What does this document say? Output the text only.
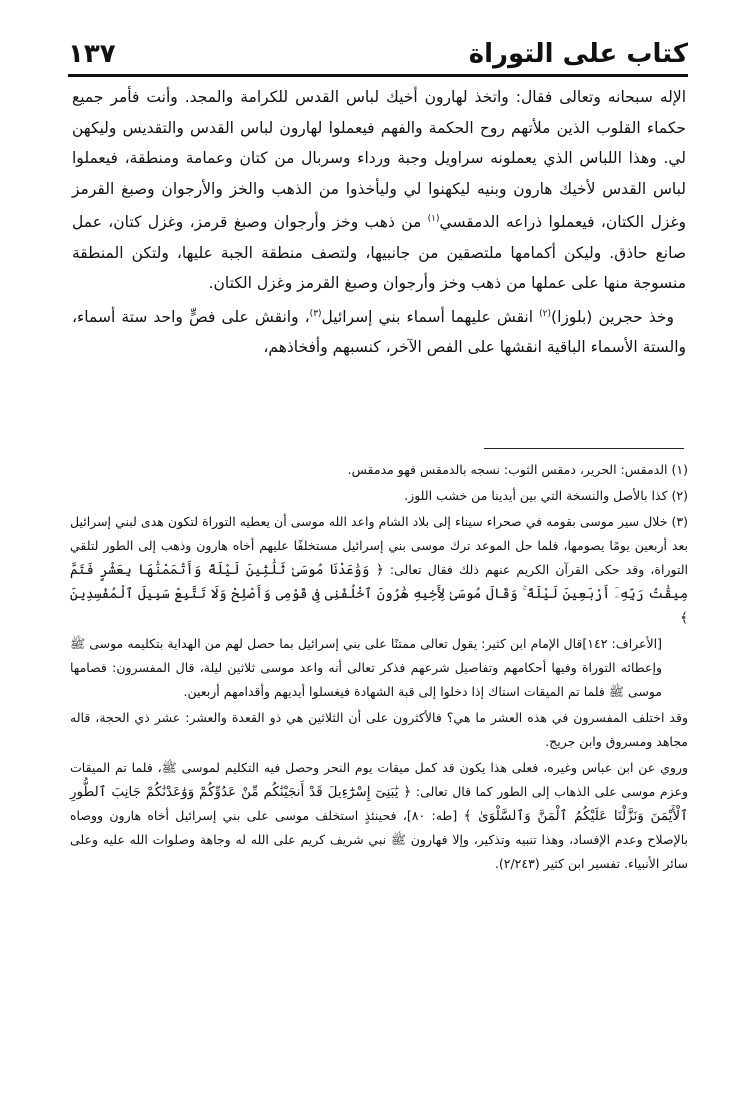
كتاب على التوراة
١٣٧

الإله سبحانه وتعالى فقال: واتخذ لهارون أخيك لباس القدس للكرامة والمجد. وأنت فأمر جميع حكماء القلوب الذين ملأتهم روح الحكمة والفهم فيعملوا لهارون لباس القدس والتقديس وليكهن لي. وهذا اللباس الذي يعملونه سراويل وجبة ورداء وسربال من كتان وعمامة ومنطقة، فيعملوا لباس القدس لأخيك هارون وبنيه ليكهنوا لي وليأخذوا من الذهب والخز والأرجوان وصبغ القرمز وغزل الكتان، فيعملوا ذراعه الدمقسي$^{(١)}$ من ذهب وخز وأرجوان وصبغ قرمز، وغزل كتان، عمل صانع حاذق. وليكن أكمامها ملتصقين من جانبيها، ولتصف منطقة الجبة عليها، ولتكن المنطقة منسوجة منها على عملها من ذهب وخز وأرجوان وصبغ القرمز وغزل الكتان.

وخذ حجرين (بلوزا)$^{(٢)}$ انقش عليهما أسماء بني إسرائيل$^{(٣)}$، وانقش على فصٍّ واحد ستة أسماء، والستة الأسماء الباقية انقشها على الفص الآخر، كنسبهم وأفخاذهم،

(١) الدمقس: الحرير، دمقس الثوب: نسجه بالدمقس فهو مدمقس.

(٢) كذا بالأصل والنسخة التي بين أيدينا من خشب اللوز.

(٣) خلال سير موسى بقومه في صحراء سيناء إلى بلاد الشام واعد الله موسى أن يعطيه التوراة لتكون هدى لبني إسرائيل بعد أربعين يومًا يصومها، فلما حل الموعد ترك موسى بني إسرائيل مستخلفًا عليهم أخاه هارون وذهب إلى الطور لتلقي التوراة، وقد حكى القرآن الكريم عنهم ذلك فقال تعالى: ﴿ وَوَٰعَدْنَا مُوسَىٰ ثَلَٰثِينَ لَيْلَةً وَأَتْمَمْنَٰهَا بِعَشْرٍ فَتَمَّ مِيقَٰتُ رَبِّهِۦٓ أَرْبَعِينَ لَيْلَةً ۚ وَقَالَ مُوسَىٰ لِأَخِيهِ هَٰرُونَ ٱخْلُفْنِى فِى قَوْمِى وَأَصْلِحْ وَلَا تَتَّبِعْ سَبِيلَ ٱلْمُفْسِدِينَ ﴾

[الأعراف: ١٤٢]قال الإمام ابن كثير: يقول تعالى ممتنًا على بني إسرائيل بما حصل لهم من الهداية بتكليمه موسى ﷺ وإعطائه التوراة وفيها أحكامهم وتفاصيل شرعهم فذكر تعالى أنه واعد موسى ثلاثين ليلة، قال المفسرون: فصامها موسى ﷺ فلما تم الميقات استاك إذا دخلوا إلى قبة الشهادة فيغسلوا أيديهم وأقدامهم أربعين.

وقد اختلف المفسرون في هذه العشر ما هي؟ فالأكثرون على أن الثلاثين هي ذو القعدة والعشر: عشر ذي الحجة، قاله مجاهد ومسروق وابن جريج.

وروي عن ابن عباس وغيره، فعلى هذا يكون قد كمل ميقات يوم النحر وحصل فيه التكليم لموسى ﷺ، فلما تم الميقات وعزم موسى على الذهاب إلى الطور كما قال تعالى: ﴿ يَٰبَنِىٓ إِسْرَٰٓءِيلَ قَدْ أَنجَيْنَٰكُم مِّنْ عَدُوِّكُمْ وَوَٰعَدْنَٰكُمْ جَانِبَ ٱلطُّورِ ٱلْأَيْمَنَ وَنَزَّلْنَا عَلَيْكُمُ ٱلْمَنَّ وَٱلسَّلْوَىٰ ﴾ [طه: ٨٠]، فحينئذٍ استخلف موسى على بني إسرائيل أخاه هارون ووصاه بالإصلاح وعدم الإفساد، وهذا تنبيه وتذكير، وإلا فهارون ﷺ نبي شريف كريم على الله له وجاهة وصلوات الله عليه وعلى سائر الأنبياء. تفسير ابن كثير (٢/٢٤٣).
